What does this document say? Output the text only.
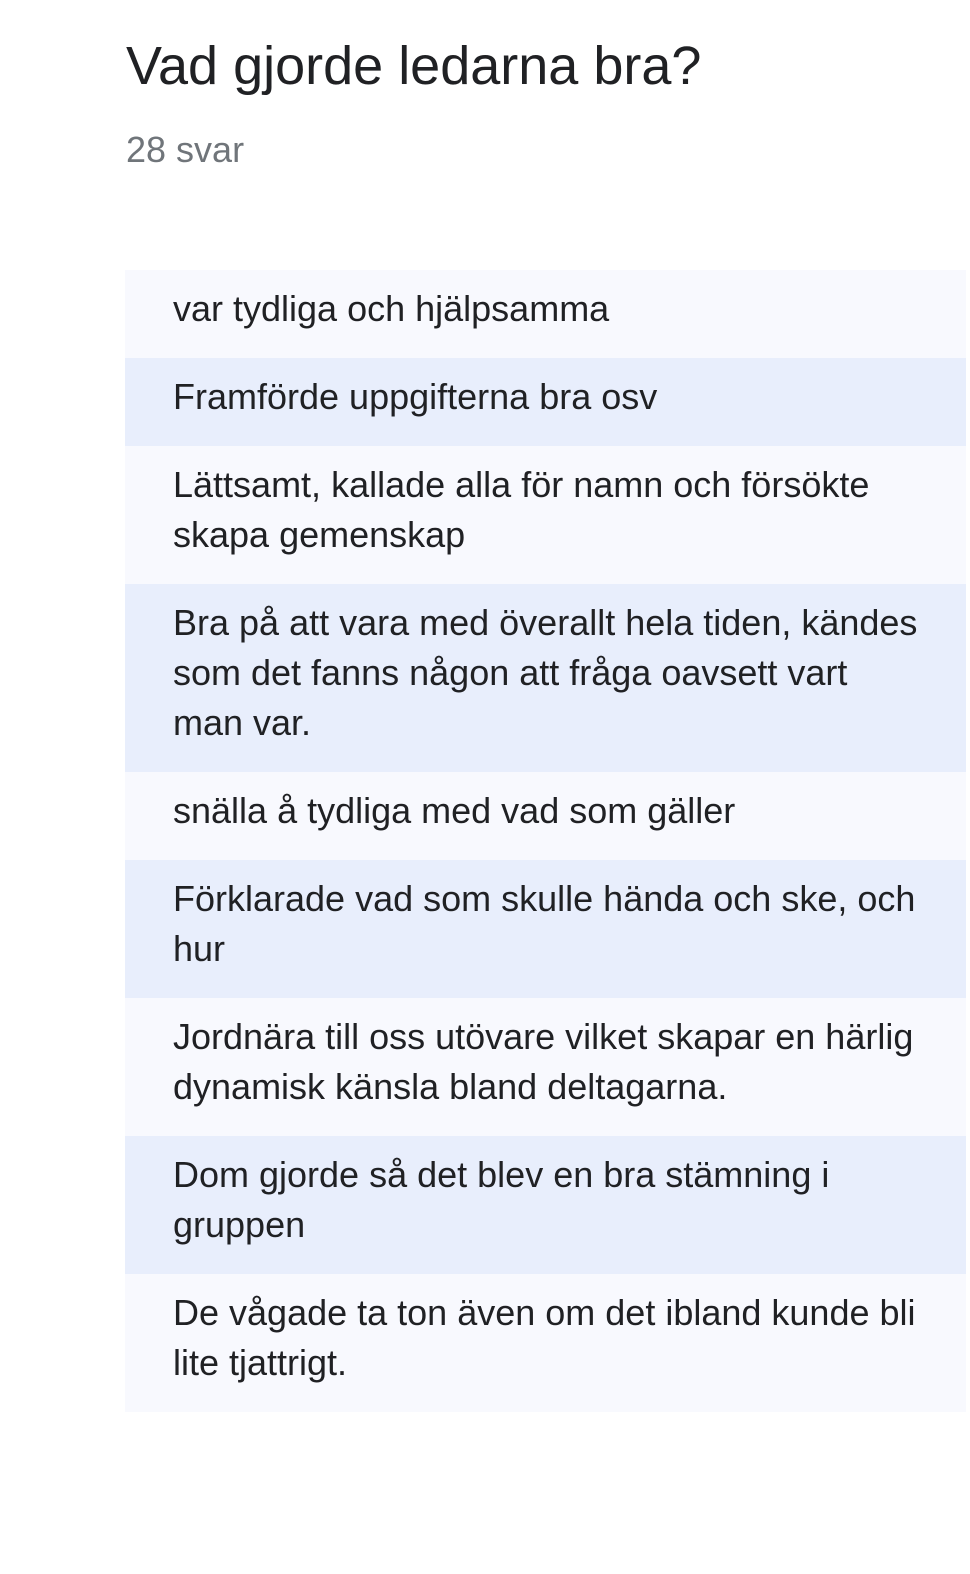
Vad gjorde ledarna bra?
28 svar
var tydliga och hjälpsamma
Framförde uppgifterna bra osv
Lättsamt, kallade alla för namn och försökte skapa gemenskap
Bra på att vara med överallt hela tiden, kändes som det fanns någon att fråga oavsett vart man var.
snälla å tydliga med vad som gäller
Förklarade vad som skulle hända och ske, och hur
Jordnära till oss utövare vilket skapar en härlig dynamisk känsla bland deltagarna.
Dom gjorde så det blev en bra stämning i gruppen
De vågade ta ton även om det ibland kunde bli lite tjattrigt.
